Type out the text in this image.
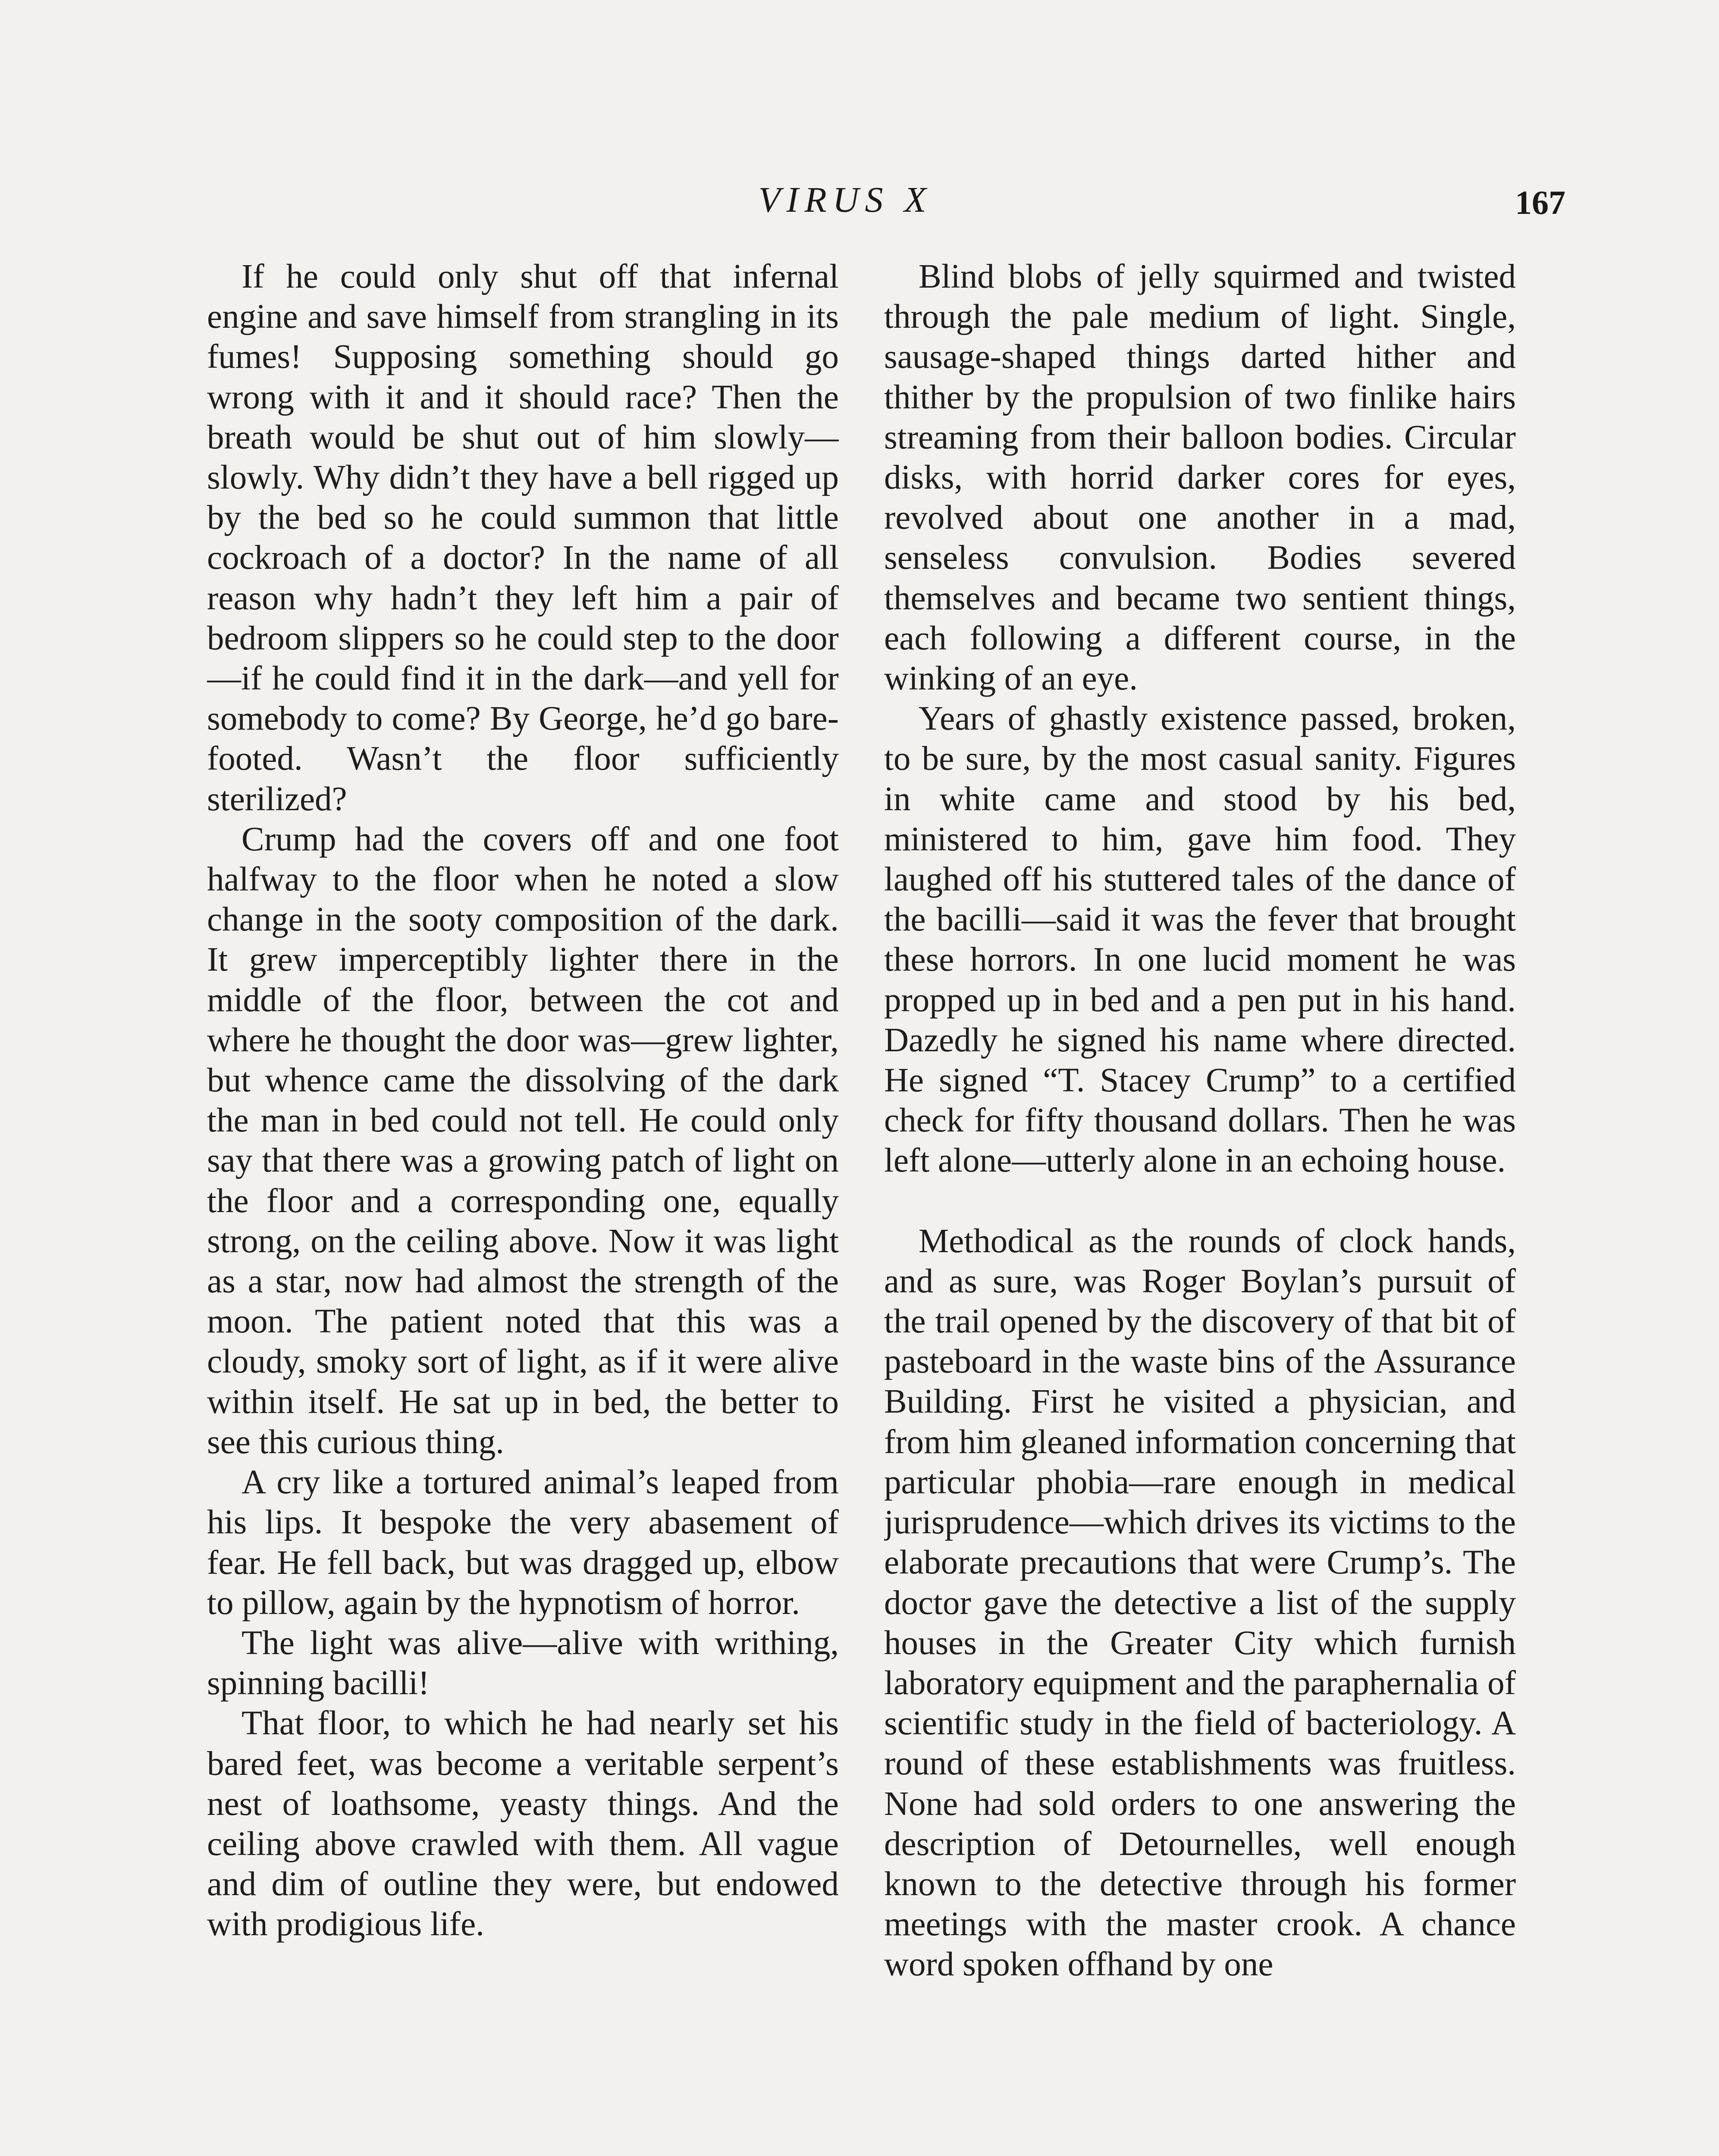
VIRUS X	167

If he could only shut off that infernal engine and save himself from strangling in its fumes! Supposing something should go wrong with it and it should race? Then the breath would be shut out of him slowly—slowly. Why didn’t they have a bell rigged up by the bed so he could summon that little cockroach of a doctor? In the name of all reason why hadn’t they left him a pair of bedroom slippers so he could step to the door—if he could find it in the dark—and yell for somebody to come? By George, he’d go barefooted. Wasn’t the floor sufficiently sterilized?

Crump had the covers off and one foot halfway to the floor when he noted a slow change in the sooty composition of the dark. It grew imperceptibly lighter there in the middle of the floor, between the cot and where he thought the door was—grew lighter, but whence came the dissolving of the dark the man in bed could not tell. He could only say that there was a growing patch of light on the floor and a corresponding one, equally strong, on the ceiling above. Now it was light as a star, now had almost the strength of the moon. The patient noted that this was a cloudy, smoky sort of light, as if it were alive within itself. He sat up in bed, the better to see this curious thing.

A cry like a tortured animal’s leaped from his lips. It bespoke the very abasement of fear. He fell back, but was dragged up, elbow to pillow, again by the hypnotism of horror.

The light was alive—alive with writhing, spinning bacilli!

That floor, to which he had nearly set his bared feet, was become a veritable serpent’s nest of loathsome, yeasty things. And the ceiling above crawled with them. All vague and dim of outline they were, but endowed with prodigious life.

Blind blobs of jelly squirmed and twisted through the pale medium of light. Single, sausage-shaped things darted hither and thither by the propulsion of two finlike hairs streaming from their balloon bodies. Circular disks, with horrid darker cores for eyes, revolved about one another in a mad, senseless convulsion. Bodies severed themselves and became two sentient things, each following a different course, in the winking of an eye.

Years of ghastly existence passed, broken, to be sure, by the most casual sanity. Figures in white came and stood by his bed, ministered to him, gave him food. They laughed off his stuttered tales of the dance of the bacilli—said it was the fever that brought these horrors. In one lucid moment he was propped up in bed and a pen put in his hand. Dazedly he signed his name where directed. He signed “T. Stacey Crump” to a certified check for fifty thousand dollars. Then he was left alone—utterly alone in an echoing house.

Methodical as the rounds of clock hands, and as sure, was Roger Boylan’s pursuit of the trail opened by the discovery of that bit of pasteboard in the waste bins of the Assurance Building. First he visited a physician, and from him gleaned information concerning that particular phobia—rare enough in medical jurisprudence—which drives its victims to the elaborate precautions that were Crump’s. The doctor gave the detective a list of the supply houses in the Greater City which furnish laboratory equipment and the paraphernalia of scientific study in the field of bacteriology. A round of these establishments was fruitless. None had sold orders to one answering the description of Detournelles, well enough known to the detective through his former meetings with the master crook. A chance word spoken offhand by one
